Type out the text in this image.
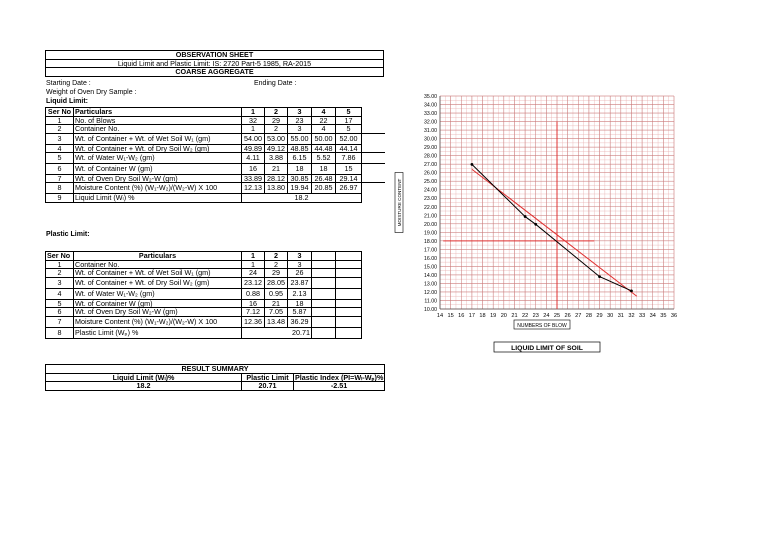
OBSERVATION SHEET
Liquid Limit and Plastic Limit: IS: 2720 Part-5 1985, RA-2015
COARSE AGGREGATE
Starting Date :	Ending Date :
Weight of Oven Dry Sample :
Liquid Limit:
Ser No	Particulars	1	2	3	4	5
1	No. of Blows	32	29	23	22	17
2	Container No.	1	2	3	4	5
3	Wt. of Container + Wt. of Wet Soil W₁ (gm)	54.00	53.00	55.00	50.00	52.00
4	Wt. of Container + Wt. of Dry Soil W₂ (gm)	49.89	49.12	48.85	44.48	44.14
5	Wt. of Water W₁-W₂ (gm)	4.11	3.88	6.15	5.52	7.86
6	Wt. of Container W (gm)	16	21	18	18	15
7	Wt. of Oven Dry Soil W₂-W (gm)	33.89	28.12	30.85	26.48	29.14
8	Moisture Content (%) (W₁-W₂)/(W₂-W) X 100	12.13	13.80	19.94	20.85	26.97
9	Liquid Limit (Wₗ) %	18.2				
Plastic Limit:
Ser No	Particulars	1	2	3		
1	Container No.	1	2	3		
2	Wt. of Container + Wt. of Wet Soil W₁ (gm)	24	29	26		
3	Wt. of Container + Wt. of Dry Soil W₂ (gm)	23.12	28.05	23.87		
4	Wt. of Water W₁-W₂ (gm)	0.88	0.95	2.13		
5	Wt. of Container W (gm)	16	21	18		
6	Wt. of Oven Dry Soil W₂-W (gm)	7.12	7.05	5.87		
7	Moisture Content (%) (W₁-W₂)/(W₂-W) X 100	12.36	13.48	36.29		
8	Plastic Limit (Wₚ) %	20.71				
RESULT SUMMARY		
Liquid Limit (Wₗ)%	Plastic Limit	Plastic Index (PI=Wₗ-Wₚ)%
18.2	20.71	-2.51
14 15 16 17 18 19 20 21 22 23 24 25 26 27 28 29 30 31 32 33 34 35 36
10.00
11.00
12.00
13.00
14.00
15.00
16.00
17.00
18.00
19.00
20.00
21.00
22.00
23.00
24.00
25.00
26.00
27.00
28.00
29.00
30.00
31.00
32.00
33.00
34.00
35.00
MOISTURE CONTENT
NUMBERS OF BLOW
LIQUID LIMIT OF SOIL
